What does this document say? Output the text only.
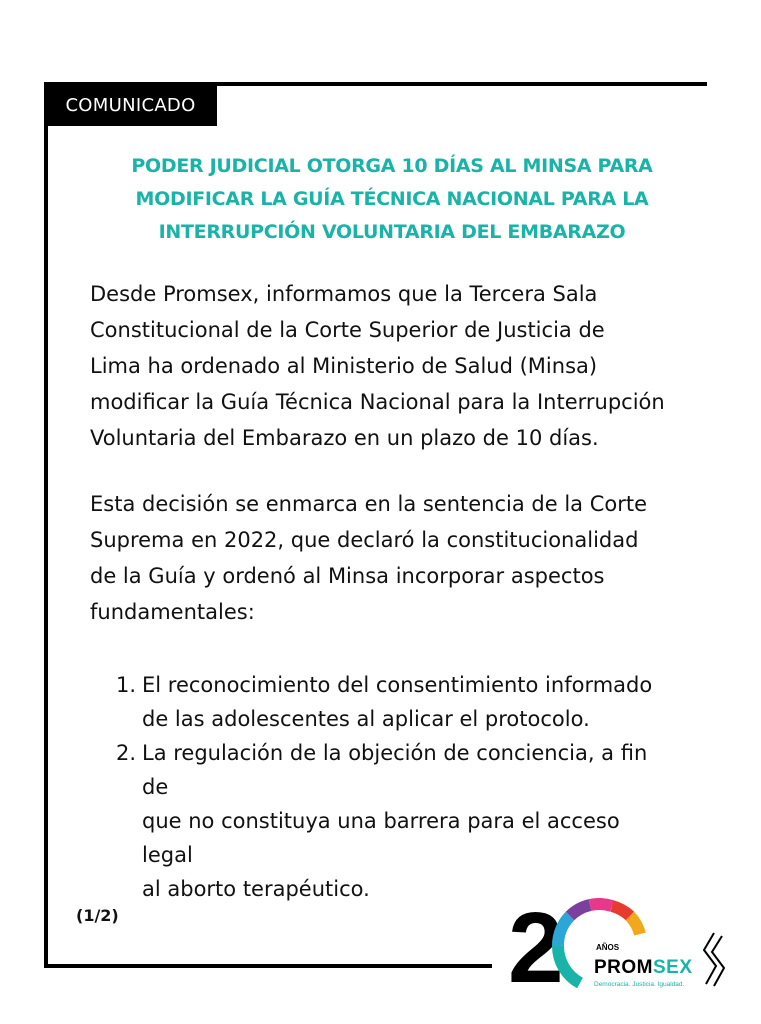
COMUNICADO
PODER JUDICIAL OTORGA 10 DÍAS AL MINSA PARA
MODIFICAR LA GUÍA TÉCNICA NACIONAL PARA LA
INTERRUPCIÓN VOLUNTARIA DEL EMBARAZO

Desde Promsex, informamos que la Tercera Sala
Constitucional de la Corte Superior de Justicia de
Lima ha ordenado al Ministerio de Salud (Minsa)
modificar la Guía Técnica Nacional para la Interrupción
Voluntaria del Embarazo en un plazo de 10 días.

Esta decisión se enmarca en la sentencia de la Corte
Suprema en 2022, que declaró la constitucionalidad
de la Guía y ordenó al Minsa incorporar aspectos
fundamentales:

1. El reconocimiento del consentimiento informado
de las adolescentes al aplicar el protocolo.
2. La regulación de la objeción de conciencia, a fin de
que no constituya una barrera para el acceso legal
al aborto terapéutico.
(1/2)	2	AÑOS
PROMSEX
Democracia. Justicia. Igualdad.
